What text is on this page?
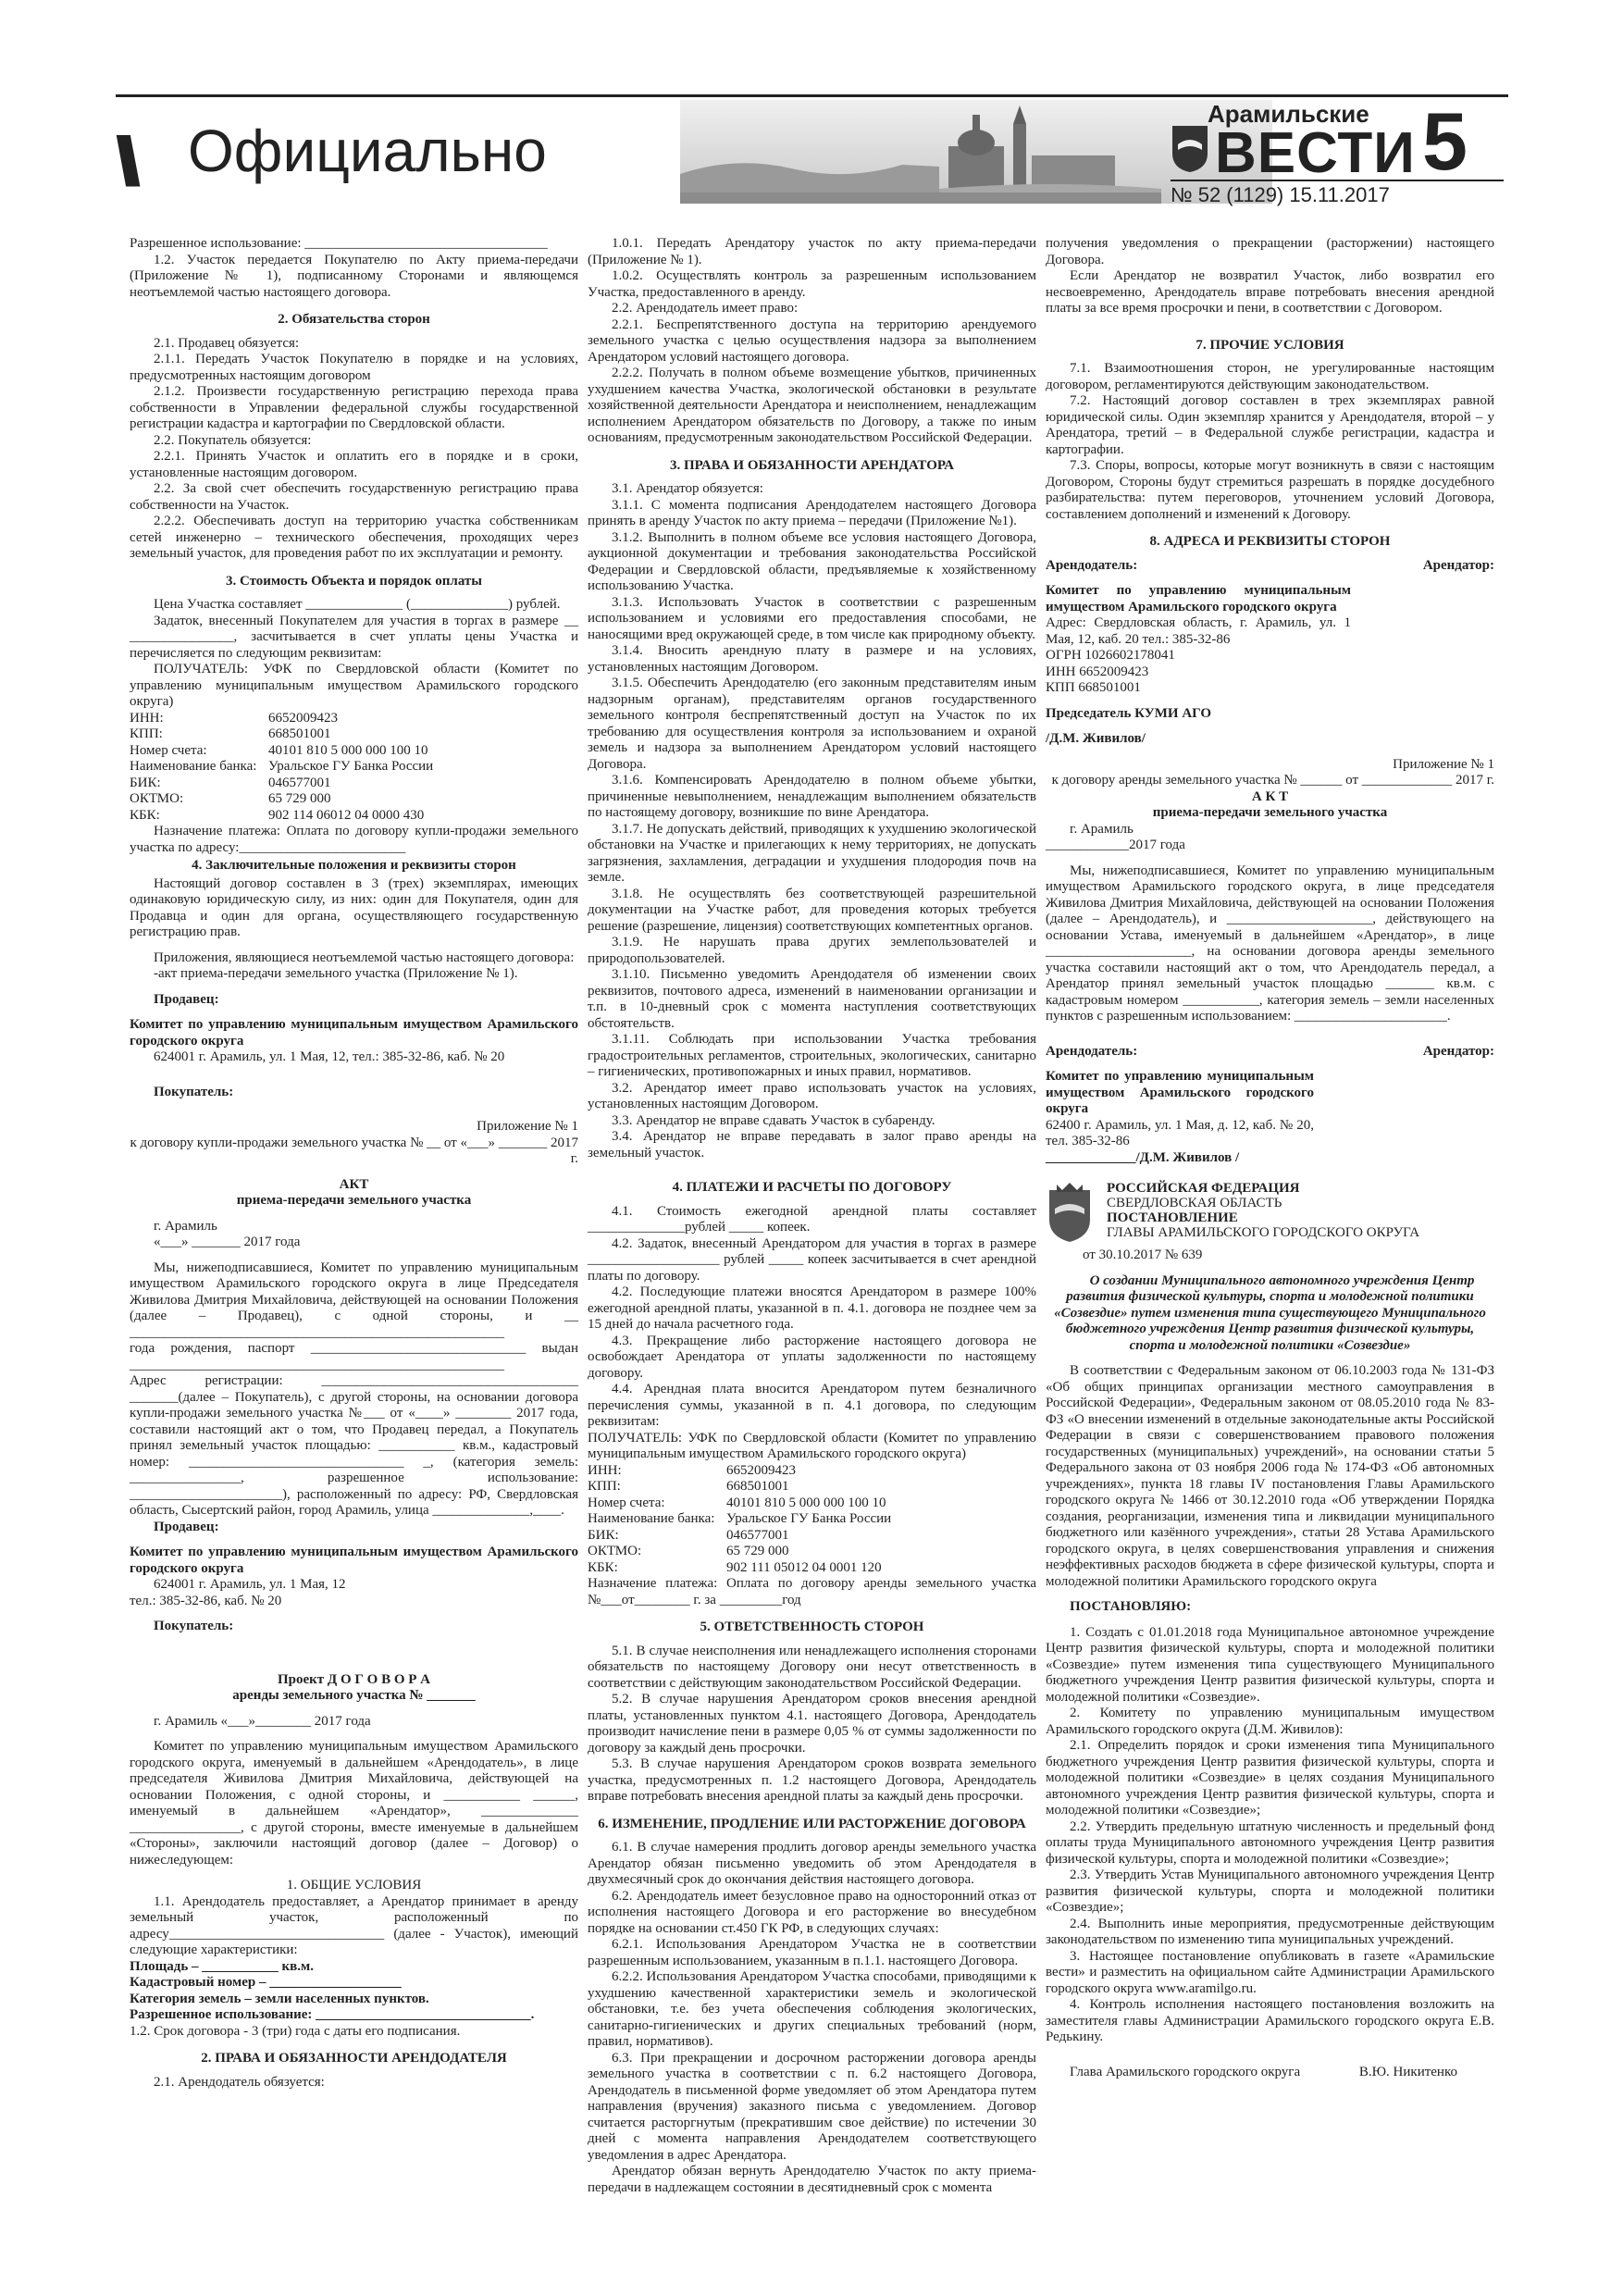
\\ Официально
Арамильские
ВЕСТИ 5
№ 52 (1129) 15.11.2017

Разрешенное использование: ___________________________________

1.2. Участок передается Покупателю по Акту приема-передачи (Приложение № 1), подписанному Сторонами и являющемся неотъемлемой частью настоящего договора.

2. Обязательства сторон

2.1. Продавец обязуется:

2.1.1. Передать Участок Покупателю в порядке и на условиях, предусмотренных настоящим договором

2.1.2. Произвести государственную регистрацию перехода права собственности в Управлении федеральной службы государственной регистрации кадастра и картографии по Свердловской области.

2.2. Покупатель обязуется:

2.2.1. Принять Участок и оплатить его в порядке и в сроки, установленные настоящим договором.

2.2. За свой счет обеспечить государственную регистрацию права собственности на Участок.

2.2.2. Обеспечивать доступ на территорию участка собственникам сетей инженерно – технического обеспечения, проходящих через земельный участок, для проведения работ по их эксплуатации и ремонту.

3. Стоимость Объекта и порядок оплаты

Цена Участка составляет ______________ (______________) рублей.

Задаток, внесенный Покупателем для участия в торгах в размере __ _______________, засчитывается в счет уплаты цены Участка и перечисляется по следующим реквизитам:

ПОЛУЧАТЕЛЬ: УФК по Свердловской области (Комитет по управлению муниципальным имуществом Арамильского городского округа)

ИНН:	6652009423
КПП:	668501001
Номер счета:	40101 810 5 000 000 100 10
Наименование банка: Уральское ГУ Банка России
БИК:	046577001
ОКТМО:	65 729 000
КБК:	902 114 06012 04 0000 430

Назначение платежа: Оплата по договору купли-продажи земельного участка по адресу:________________________

4. Заключительные положения и реквизиты сторон

Настоящий договор составлен в 3 (трех) экземплярах, имеющих одинаковую юридическую силу, из них: один для Покупателя, один для Продавца и один для органа, осуществляющего государственную регистрацию прав.

Приложения, являющиеся неотъемлемой частью настоящего договора:

-акт приема-передачи земельного участка (Приложение № 1).

Продавец:

Комитет по управлению муниципальным имуществом Арамильского городского округа

624001 г. Арамиль, ул. 1 Мая, 12, тел.: 385-32-86, каб. № 20

Покупатель:

Приложение № 1

к договору купли-продажи земельного участка № __ от «___» _______ 2017 г.

АКТ

приема-передачи земельного участка

г. Арамиль

«___» _______ 2017 года

Мы, нижеподписавшиеся, Комитет по управлению муниципальным имуществом Арамильского городского округа в лице Председателя Живилова Дмитрия Михайловича, действующей на основании Положения (далее – Продавец), с одной стороны, и __ ______________________________________________________

года рождения, паспорт _______________________________ выдан ______________________________________________________

Адрес регистрации: _____________________________________ _______(далее – Покупатель), с другой стороны, на основании договора купли-продажи земельного участка №___ от «____» ________ 2017 года, составили настоящий акт о том, что Продавец передал, а Покупатель принял земельный участок площадью: ___________ кв.м., кадастровый номер: _______________________________ _, (категория земель: ________________, разрешенное использование: ______________________), расположенный по адресу: РФ, Свердловская область, Сысертский район, город Арамиль, улица ______________,____.

Продавец:

Комитет по управлению муниципальным имуществом Арамильского городского округа

624001 г. Арамиль, ул. 1 Мая, 12

тел.: 385-32-86, каб. № 20

Покупатель:

Проект Д О Г О В О Р А

аренды земельного участка № _______

г. Арамиль «___»________ 2017 года

Комитет по управлению муниципальным имуществом Арамильского городского округа, именуемый в дальнейшем «Арендодатель», в лице председателя Живилова Дмитрия Михайловича, действующей на основании Положения, с одной стороны, и ___________ ______, именуемый в дальнейшем «Арендатор», ______________ ________________, с другой стороны, вместе именуемые в дальнейшем «Стороны», заключили настоящий договор (далее – Договор) о нижеследующем:

1. ОБЩИЕ УСЛОВИЯ

1.1. Арендодатель предоставляет, а Арендатор принимает в аренду земельный участок, расположенный по адресу_______________________________ (далее - Участок), имеющий следующие характеристики:

Площадь – ___________ кв.м.

Кадастровый номер – ___________________

Категория земель – земли населенных пунктов.

Разрешенное использование: _______________________________.

1.2. Срок договора - 3 (три) года с даты его подписания.

2. ПРАВА И ОБЯЗАННОСТИ АРЕНДОДАТЕЛЯ

2.1. Арендодатель обязуется:

1.0.1. Передать Арендатору участок по акту приема-передачи (Приложение № 1).

1.0.2. Осуществлять контроль за разрешенным использованием Участка, предоставленного в аренду.

2.2. Арендодатель имеет право:

2.2.1. Беспрепятственного доступа на территорию арендуемого земельного участка с целью осуществления надзора за выполнением Арендатором условий настоящего договора.

2.2.2. Получать в полном объеме возмещение убытков, причиненных ухудшением качества Участка, экологической обстановки в результате хозяйственной деятельности Арендатора и неисполнением, ненадлежащим исполнением Арендатором обязательств по Договору, а также по иным основаниям, предусмотренным законодательством Российской Федерации.

3. ПРАВА И ОБЯЗАННОСТИ АРЕНДАТОРА

3.1. Арендатор обязуется:

3.1.1. С момента подписания Арендодателем настоящего Договора принять в аренду Участок по акту приема – передачи (Приложение №1).

3.1.2. Выполнить в полном объеме все условия настоящего Договора, аукционной документации и требования законодательства Российской Федерации и Свердловской области, предъявляемые к хозяйственному использованию Участка.

3.1.3. Использовать Участок в соответствии с разрешенным использованием и условиями его предоставления способами, не наносящими вред окружающей среде, в том числе как природному объекту.

3.1.4. Вносить арендную плату в размере и на условиях, установленных настоящим Договором.

3.1.5. Обеспечить Арендодателю (его законным представителям иным надзорным органам), представителям органов государственного земельного контроля беспрепятственный доступ на Участок по их требованию для осуществления контроля за использованием и охраной земель и надзора за выполнением Арендатором условий настоящего Договора.

3.1.6. Компенсировать Арендодателю в полном объеме убытки, причиненные невыполнением, ненадлежащим выполнением обязательств по настоящему договору, возникшие по вине Арендатора.

3.1.7. Не допускать действий, приводящих к ухудшению экологической обстановки на Участке и прилегающих к нему территориях, не допускать загрязнения, захламления, деградации и ухудшения плодородия почв на земле.

3.1.8. Не осуществлять без соответствующей разрешительной документации на Участке работ, для проведения которых требуется решение (разрешение, лицензия) соответствующих компетентных органов.

3.1.9. Не нарушать права других землепользователей и природопользователей.

3.1.10. Письменно уведомить Арендодателя об изменении своих реквизитов, почтового адреса, изменений в наименовании организации и т.п. в 10-дневный срок с момента наступления соответствующих обстоятельств.

3.1.11. Соблюдать при использовании Участка требования градостроительных регламентов, строительных, экологических, санитарно – гигиенических, противопожарных и иных правил, нормативов.

3.2. Арендатор имеет право использовать участок на условиях, установленных настоящим Договором.

3.3. Арендатор не вправе сдавать Участок в субаренду.

3.4. Арендатор не вправе передавать в залог право аренды на земельный участок.

4. ПЛАТЕЖИ И РАСЧЕТЫ ПО ДОГОВОРУ

4.1. Стоимость ежегодной арендной платы составляет ______________рублей _____ копеек.

4.2. Задаток, внесенный Арендатором для участия в торгах в размере ___________________ рублей _____ копеек засчитывается в счет арендной платы по договору.

4.2. Последующие платежи вносятся Арендатором в размере 100% ежегодной арендной платы, указанной в п. 4.1. договора не позднее чем за 15 дней до начала расчетного года.

4.3. Прекращение либо расторжение настоящего договора не освобождает Арендатора от уплаты задолженности по настоящему договору.

4.4. Арендная плата вносится Арендатором путем безналичного перечисления суммы, указанной в п. 4.1 договора, по следующим реквизитам:

ПОЛУЧАТЕЛЬ: УФК по Свердловской области (Комитет по управлению муниципальным имуществом Арамильского городского округа)

ИНН:	6652009423
КПП:	668501001
Номер счета:	40101 810 5 000 000 100 10
Наименование банка: Уральское ГУ Банка России
БИК:	046577001
ОКТМО:	65 729 000
КБК:	902 111 05012 04 0001 120

Назначение платежа: Оплата по договору аренды земельного участка №___от________ г. за _________год

5. ОТВЕТСТВЕННОСТЬ СТОРОН

5.1. В случае неисполнения или ненадлежащего исполнения сторонами обязательств по настоящему Договору они несут ответственность в соответствии с действующим законодательством Российской Федерации.

5.2. В случае нарушения Арендатором сроков внесения арендной платы, установленных пунктом 4.1. настоящего Договора, Арендодатель производит начисление пени в размере 0,05 % от суммы задолженности по договору за каждый день просрочки.

5.3. В случае нарушения Арендатором сроков возврата земельного участка, предусмотренных п. 1.2 настоящего Договора, Арендодатель вправе потребовать внесения арендной платы за каждый день просрочки.

6. ИЗМЕНЕНИЕ, ПРОДЛЕНИЕ ИЛИ РАСТОРЖЕНИЕ ДОГОВОРА

6.1. В случае намерения продлить договор аренды земельного участка Арендатор обязан письменно уведомить об этом Арендодателя в двухмесячный срок до окончания действия настоящего договора.

6.2. Арендодатель имеет безусловное право на односторонний отказ от исполнения настоящего Договора и его расторжение во внесудебном порядке на основании ст.450 ГК РФ, в следующих случаях:

6.2.1. Использования Арендатором Участка не в соответствии разрешенным использованием, указанным в п.1.1. настоящего Договора.

6.2.2. Использования Арендатором Участка способами, приводящими к ухудшению качественной характеристики земель и экологической обстановки, т.е. без учета обеспечения соблюдения экологических, санитарно-гигиенических и других специальных требований (норм, правил, нормативов).

6.3. При прекращении и досрочном расторжении договора аренды земельного участка в соответствии с п. 6.2 настоящего Договора, Арендодатель в письменной форме уведомляет об этом Арендатора путем направления (вручения) заказного письма с уведомлением. Договор считается расторгнутым (прекратившим свое действие) по истечении 30 дней с момента направления Арендодателем соответствующего уведомления в адрес Арендатора.

Арендатор обязан вернуть Арендодателю Участок по акту приема-передачи в надлежащем состоянии в десятидневный срок с момента

получения уведомления о прекращении (расторжении) настоящего Договора.

Если Арендатор не возвратил Участок, либо возвратил его несвоевременно, Арендодатель вправе потребовать внесения арендной платы за все время просрочки и пени, в соответствии с Договором.

7. ПРОЧИЕ УСЛОВИЯ

7.1. Взаимоотношения сторон, не урегулированные настоящим договором, регламентируются действующим законодательством.

7.2. Настоящий договор составлен в трех экземплярах равной юридической силы. Один экземпляр хранится у Арендодателя, второй – у Арендатора, третий – в Федеральной службе регистрации, кадастра и картографии.

7.3. Споры, вопросы, которые могут возникнуть в связи с настоящим Договором, Стороны будут стремиться разрешать в порядке досудебного разбирательства: путем переговоров, уточнением условий Договора, составлением дополнений и изменений к Договору.

8. АДРЕСА И РЕКВИЗИТЫ СТОРОН
Арендодатель:	Арендатор:

Комитет по управлению муниципальным имуществом Арамильского городского округа

Адрес: Свердловская область, г. Арамиль, ул. 1 Мая, 12, каб. 20 тел.: 385-32-86

ОГРН 1026602178041

ИНН 6652009423

КПП 668501001

Председатель КУМИ АГО

/Д.М. Живилов/

Приложение № 1

к договору аренды земельного участка № ______ от _____________ 2017 г.

А К Т

приема-передачи земельного участка

г. Арамиль

____________2017 года

Мы, нижеподписавшиеся, Комитет по управлению муниципальным имуществом Арамильского городского округа, в лице председателя Живилова Дмитрия Михайловича, действующей на основании Положения (далее – Арендодатель), и _____________________, действующего на основании Устава, именуемый в дальнейшем «Арендатор», в лице _____________________, на основании договора аренды земельного участка составили настоящий акт о том, что Арендодатель передал, а Арендатор принял земельный участок площадью _______ кв.м. с кадастровым номером ___________, категория земель – земли населенных пунктов с разрешенным использованием: ______________________.

Арендодатель:	Арендатор:

Комитет по управлению муниципальным имуществом Арамильского городского округа

62400 г. Арамиль, ул. 1 Мая, д. 12, каб. № 20, тел. 385-32-86

_____________/Д.М. Живилов /

РОССИЙСКАЯ ФЕДЕРАЦИЯ
СВЕРДЛОВСКАЯ ОБЛАСТЬ
ПОСТАНОВЛЕНИЕ
ГЛАВЫ АРАМИЛЬСКОГО ГОРОДСКОГО ОКРУГА

от 30.10.2017 № 639

О создании Муниципального автономного учреждения Центр развития физической культуры, спорта и молодежной политики «Созвездие» путем изменения типа существующего Муниципального бюджетного учреждения Центр развития физической культуры, спорта и молодежной политики «Созвездие»

В соответствии с Федеральным законом от 06.10.2003 года № 131-ФЗ «Об общих принципах организации местного самоуправления в Российской Федерации», Федеральным законом от 08.05.2010 года № 83-ФЗ «О внесении изменений в отдельные законодательные акты Российской Федерации в связи с совершенствованием правового положения государственных (муниципальных) учреждений», на основании статьи 5 Федерального закона от 03 ноября 2006 года № 174-ФЗ «Об автономных учреждениях», пункта 18 главы IV постановления Главы Арамильского городского округа № 1466 от 30.12.2010 года «Об утверждении Порядка создания, реорганизации, изменения типа и ликвидации муниципального бюджетного или казённого учреждения», статьи 28 Устава Арамильского городского округа, в целях совершенствования управления и снижения неэффективных расходов бюджета в сфере физической культуры, спорта и молодежной политики Арамильского городского округа

ПОСТАНОВЛЯЮ:

1. Создать с 01.01.2018 года Муниципальное автономное учреждение Центр развития физической культуры, спорта и молодежной политики «Созвездие» путем изменения типа существующего Муниципального бюджетного учреждения Центр развития физической культуры, спорта и молодежной политики «Созвездие».

2. Комитету по управлению муниципальным имуществом Арамильского городского округа (Д.М. Живилов):

2.1. Определить порядок и сроки изменения типа Муниципального бюджетного учреждения Центр развития физической культуры, спорта и молодежной политики «Созвездие» в целях создания Муниципального автономного учреждения Центр развития физической культуры, спорта и молодежной политики «Созвездие»;

2.2. Утвердить предельную штатную численность и предельный фонд оплаты труда Муниципального автономного учреждения Центр развития физической культуры, спорта и молодежной политики «Созвездие»;

2.3. Утвердить Устав Муниципального автономного учреждения Центр развития физической культуры, спорта и молодежной политики «Созвездие»;

2.4. Выполнить иные мероприятия, предусмотренные действующим законодательством по изменению типа муниципальных учреждений.

3. Настоящее постановление опубликовать в газете «Арамильские вести» и разместить на официальном сайте Администрации Арамильского городского округа www.aramilgo.ru.

4. Контроль исполнения настоящего постановления возложить на заместителя главы Администрации Арамильского городского округа Е.В. Редькину.

Глава Арамильского городского округа	В.Ю. Никитенко
